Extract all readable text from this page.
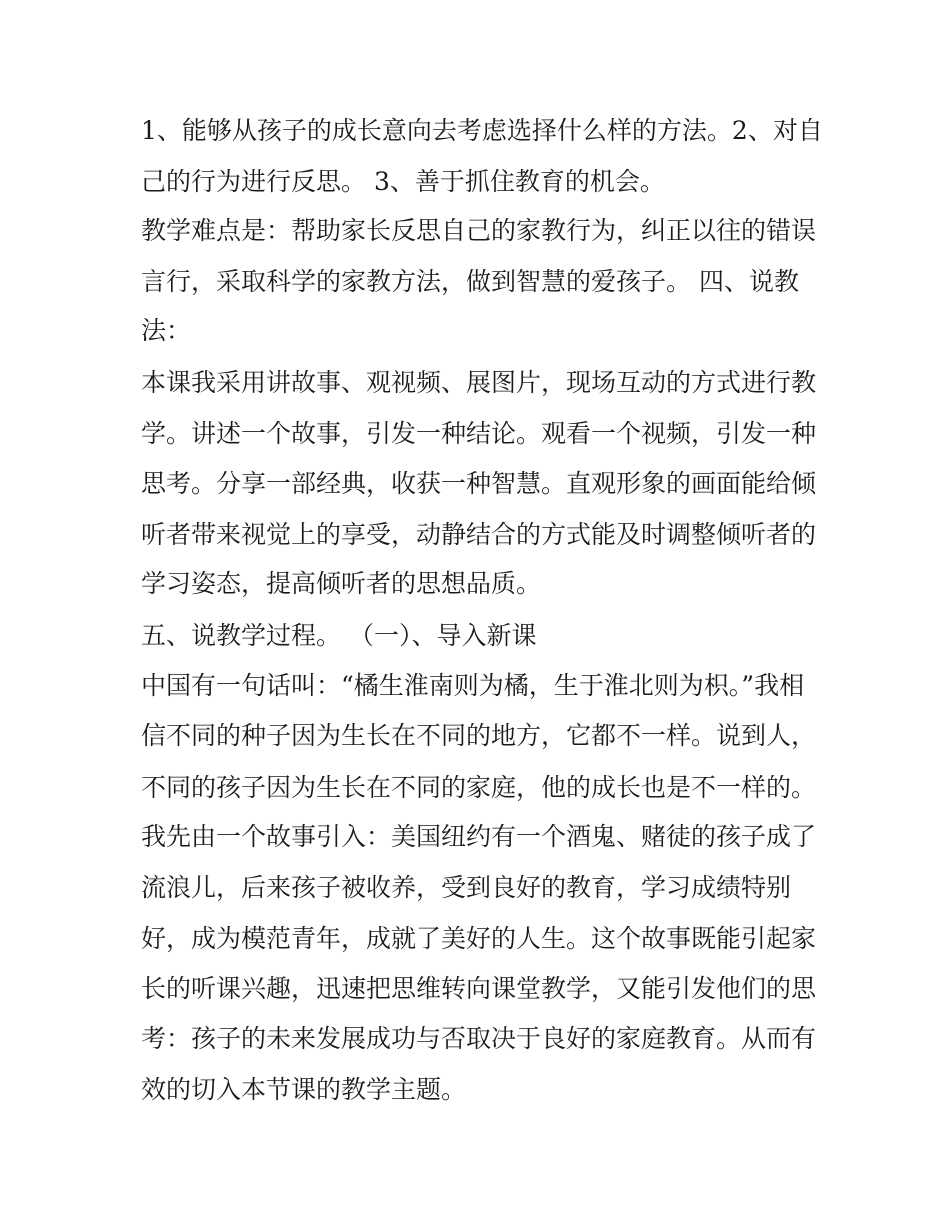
1、能够从孩子的成长意向去考虑选择什么样的方法。2、对自

己的行为进行反思。 3、善于抓住教育的机会。

教学难点是：帮助家长反思自己的家教行为，纠正以往的错误

言行，采取科学的家教方法，做到智慧的爱孩子。 四、说教

法：

本课我采用讲故事、观视频、展图片，现场互动的方式进行教

学。讲述一个故事，引发一种结论。观看一个视频，引发一种

思考。分享一部经典，收获一种智慧。直观形象的画面能给倾

听者带来视觉上的享受，动静结合的方式能及时调整倾听者的

学习姿态，提高倾听者的思想品质。

五、说教学过程。 （一）、导入新课

中国有一句话叫：“橘生淮南则为橘，生于淮北则为枳。”我相

信不同的种子因为生长在不同的地方，它都不一样。说到人，

不同的孩子因为生长在不同的家庭，他的成长也是不一样的。

我先由一个故事引入：美国纽约有一个酒鬼、赌徒的孩子成了

流浪儿，后来孩子被收养，受到良好的教育，学习成绩特别

好，成为模范青年，成就了美好的人生。这个故事既能引起家

长的听课兴趣，迅速把思维转向课堂教学，又能引发他们的思

考：孩子的未来发展成功与否取决于良好的家庭教育。从而有

效的切入本节课的教学主题。
